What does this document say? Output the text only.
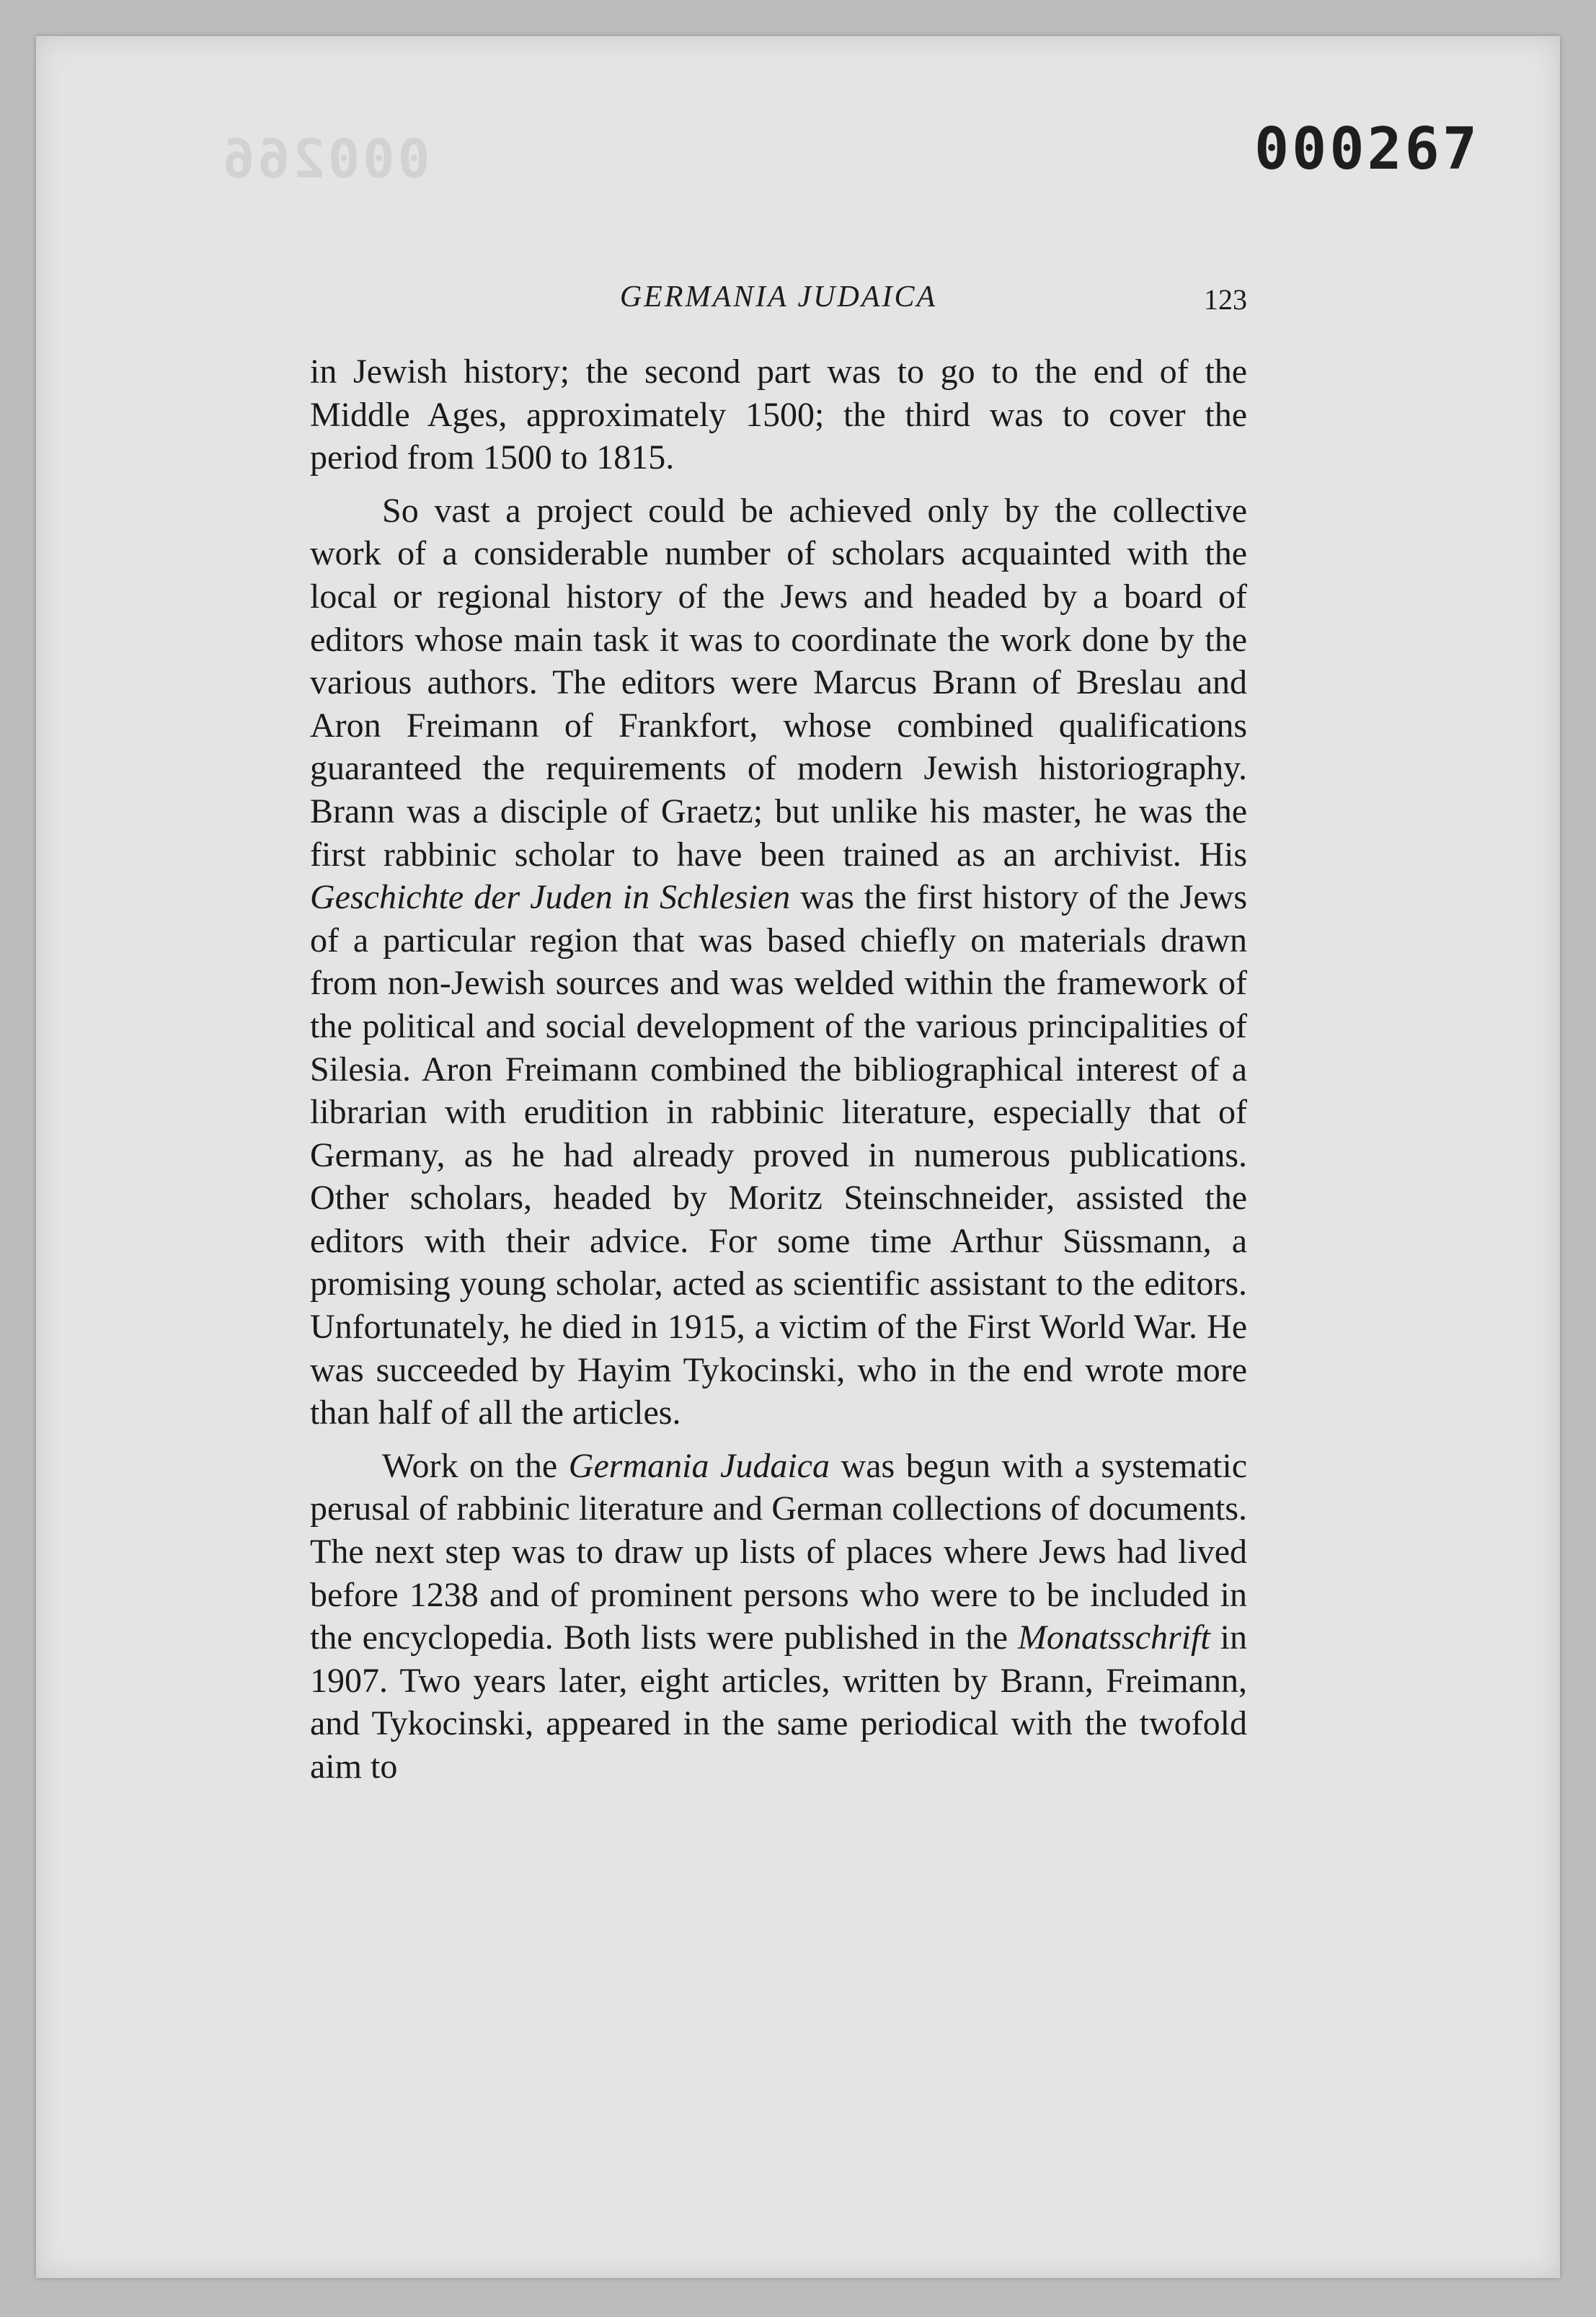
000266	000267
GERMANIA JUDAICA	123

in Jewish history; the second part was to go to the end of the Middle Ages, approximately 1500; the third was to cover the period from 1500 to 1815.

So vast a project could be achieved only by the collective work of a considerable number of scholars acquainted with the local or regional history of the Jews and headed by a board of editors whose main task it was to coordinate the work done by the various authors. The editors were Marcus Brann of Breslau and Aron Freimann of Frankfort, whose combined qualifications guaranteed the requirements of modern Jewish historiography. Brann was a disciple of Graetz; but unlike his master, he was the first rabbinic scholar to have been trained as an archivist. His Geschichte der Juden in Schlesien was the first history of the Jews of a particular region that was based chiefly on materials drawn from non-Jewish sources and was welded within the framework of the political and social development of the various principalities of Silesia. Aron Freimann combined the bibliographical interest of a librarian with erudition in rabbinic literature, especially that of Germany, as he had already proved in numerous publications. Other scholars, headed by Moritz Steinschneider, assisted the editors with their advice. For some time Arthur Süssmann, a promising young scholar, acted as scientific assistant to the editors. Unfortunately, he died in 1915, a victim of the First World War. He was succeeded by Hayim Tykocinski, who in the end wrote more than half of all the articles.

Work on the Germania Judaica was begun with a systematic perusal of rabbinic literature and German collections of documents. The next step was to draw up lists of places where Jews had lived before 1238 and of prominent persons who were to be included in the encyclopedia. Both lists were published in the Monatsschrift in 1907. Two years later, eight articles, written by Brann, Freimann, and Tykocinski, appeared in the same periodical with the twofold aim to
